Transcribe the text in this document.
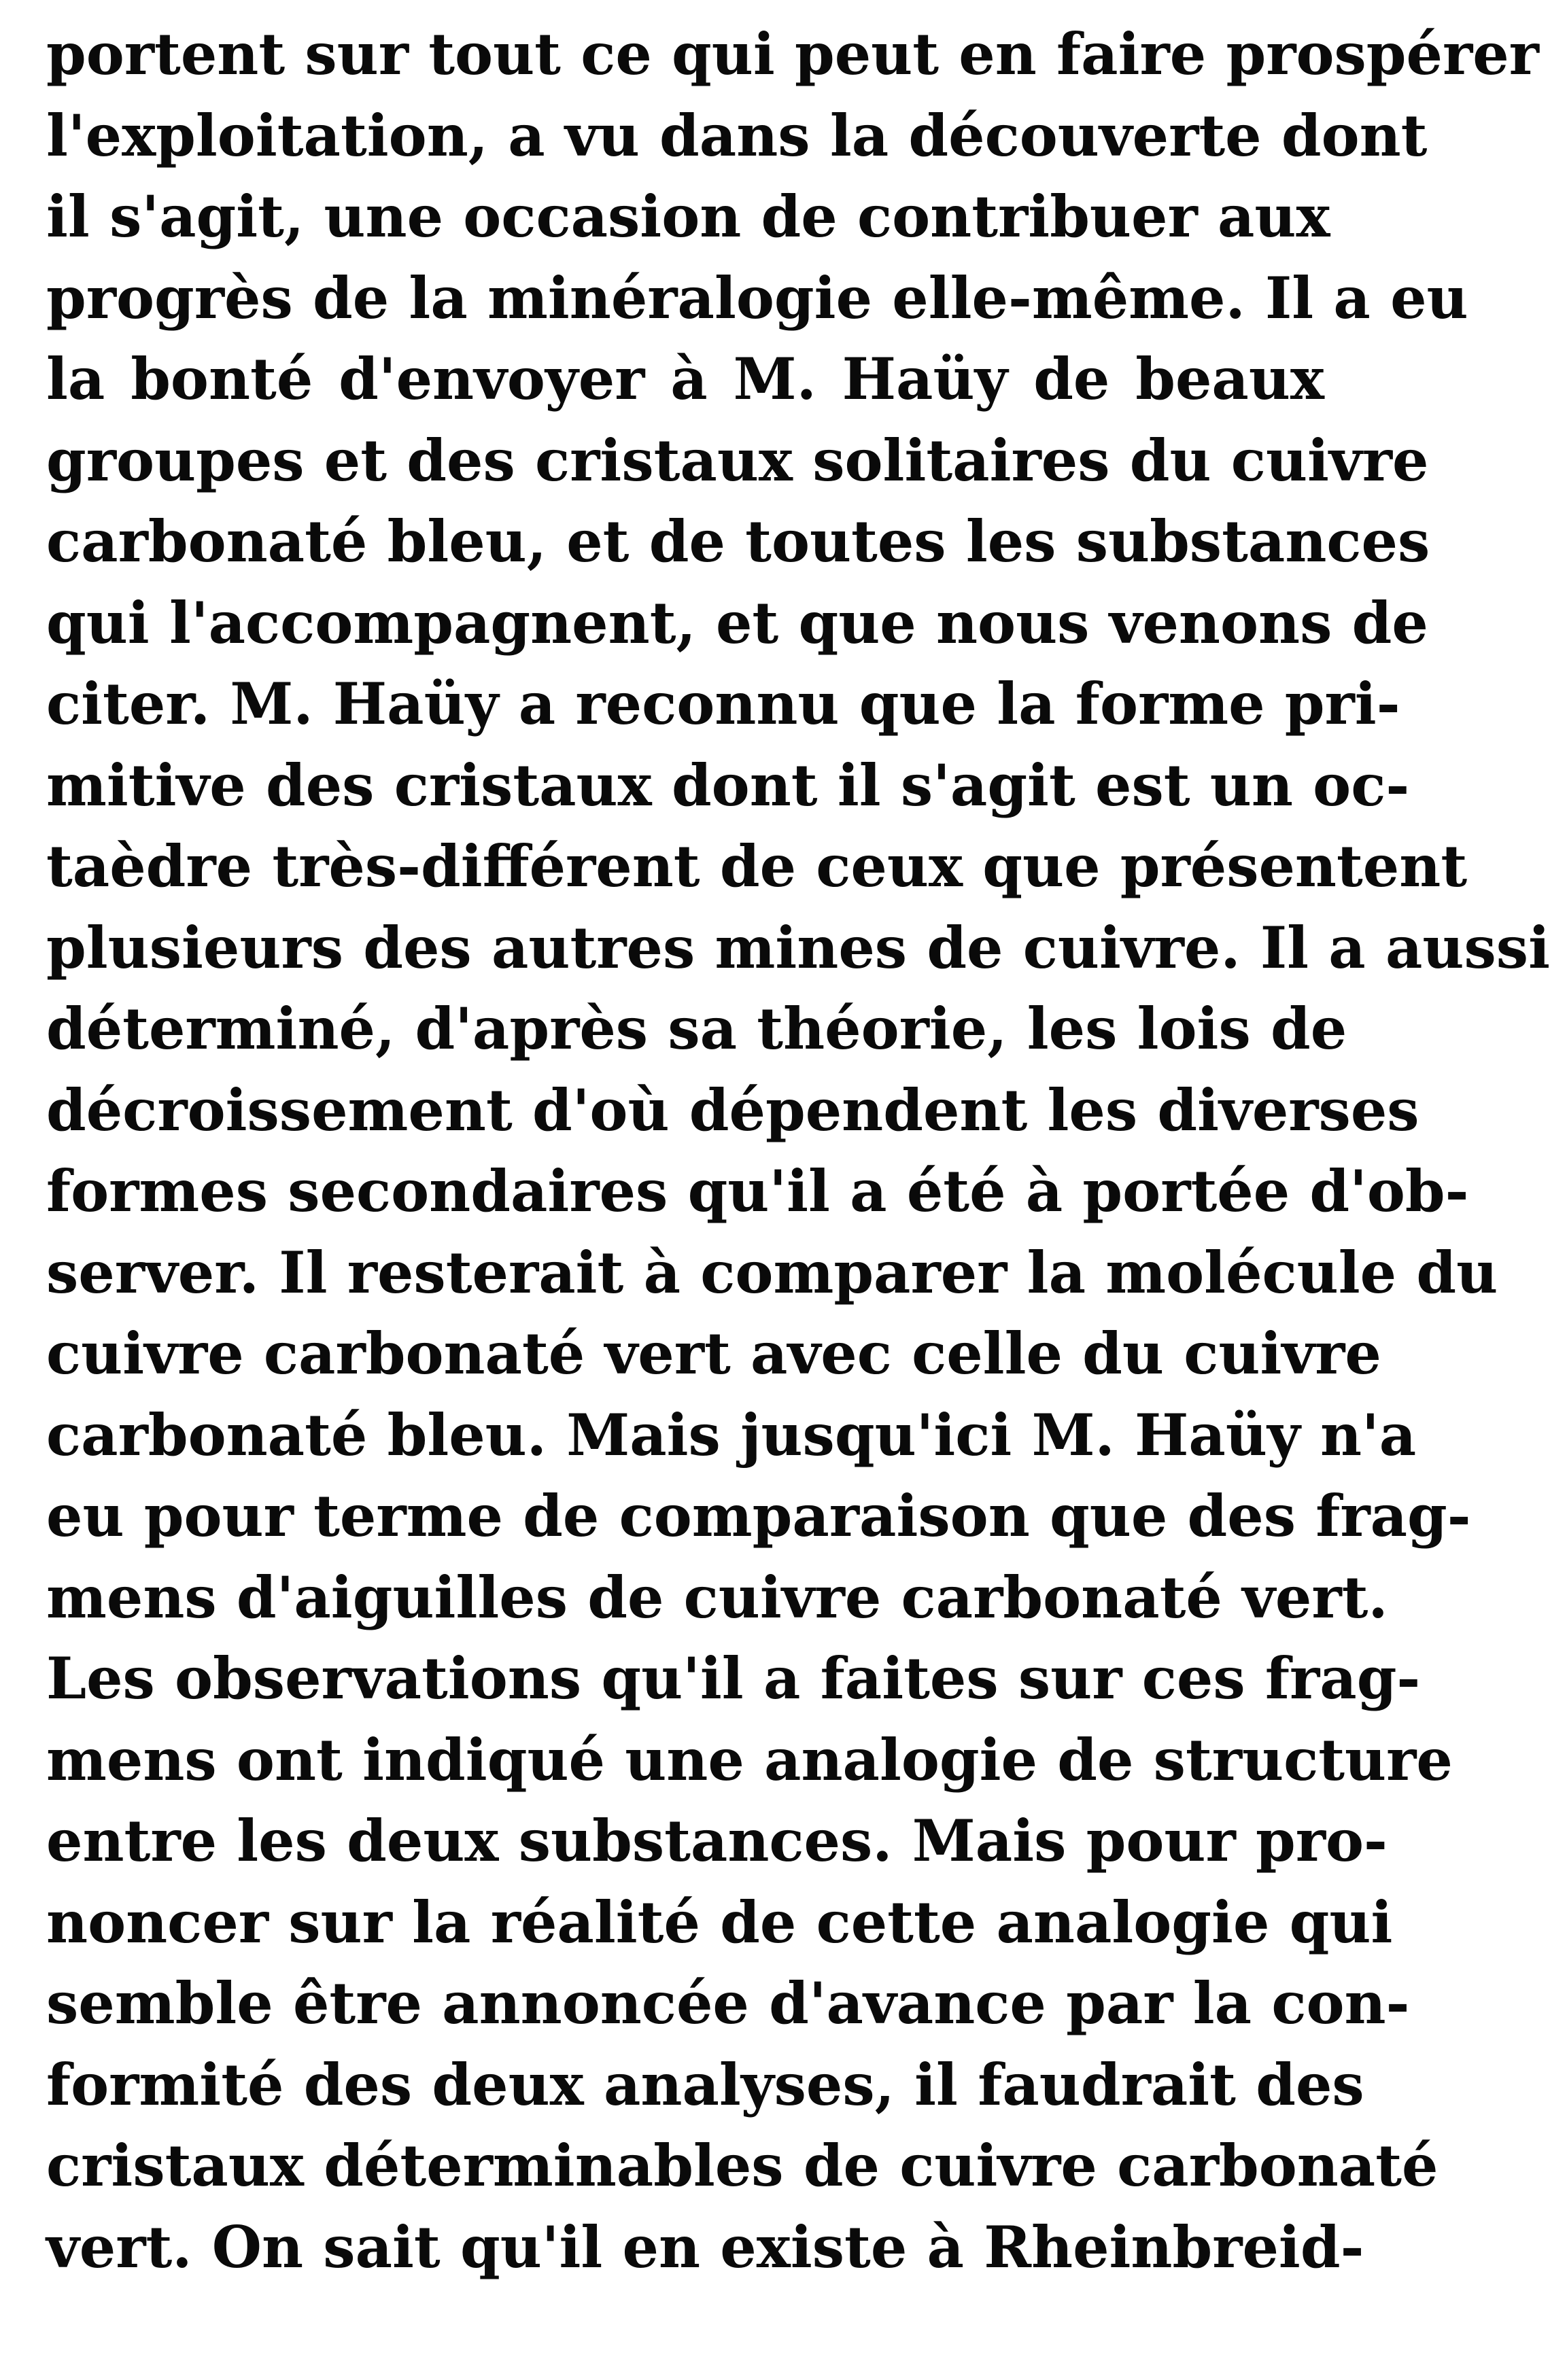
portent sur tout ce qui peut en faire prospérer
l'exploitation, a vu dans la découverte dont
il s'agit, une occasion de contribuer aux
progrès de la minéralogie elle-même. Il a eu
la bonté d'envoyer à M. Haüy de beaux
groupes et des cristaux solitaires du cuivre
carbonaté bleu, et de toutes les substances
qui l'accompagnent, et que nous venons de
citer. M. Haüy a reconnu que la forme pri-
mitive des cristaux dont il s'agit est un oc-
taèdre très-différent de ceux que présentent
plusieurs des autres mines de cuivre. Il a aussi
déterminé, d'après sa théorie, les lois de
décroissement d'où dépendent les diverses
formes secondaires qu'il a été à portée d'ob-
server. Il resterait à comparer la molécule du
cuivre carbonaté vert avec celle du cuivre
carbonaté bleu. Mais jusqu'ici M. Haüy n'a
eu pour terme de comparaison que des frag-
mens d'aiguilles de cuivre carbonaté vert.
Les observations qu'il a faites sur ces frag-
mens ont indiqué une analogie de structure
entre les deux substances. Mais pour pro-
noncer sur la réalité de cette analogie qui
semble être annoncée d'avance par la con-
formité des deux analyses, il faudrait des
cristaux déterminables de cuivre carbonaté
vert. On sait qu'il en existe à Rheinbreid-
